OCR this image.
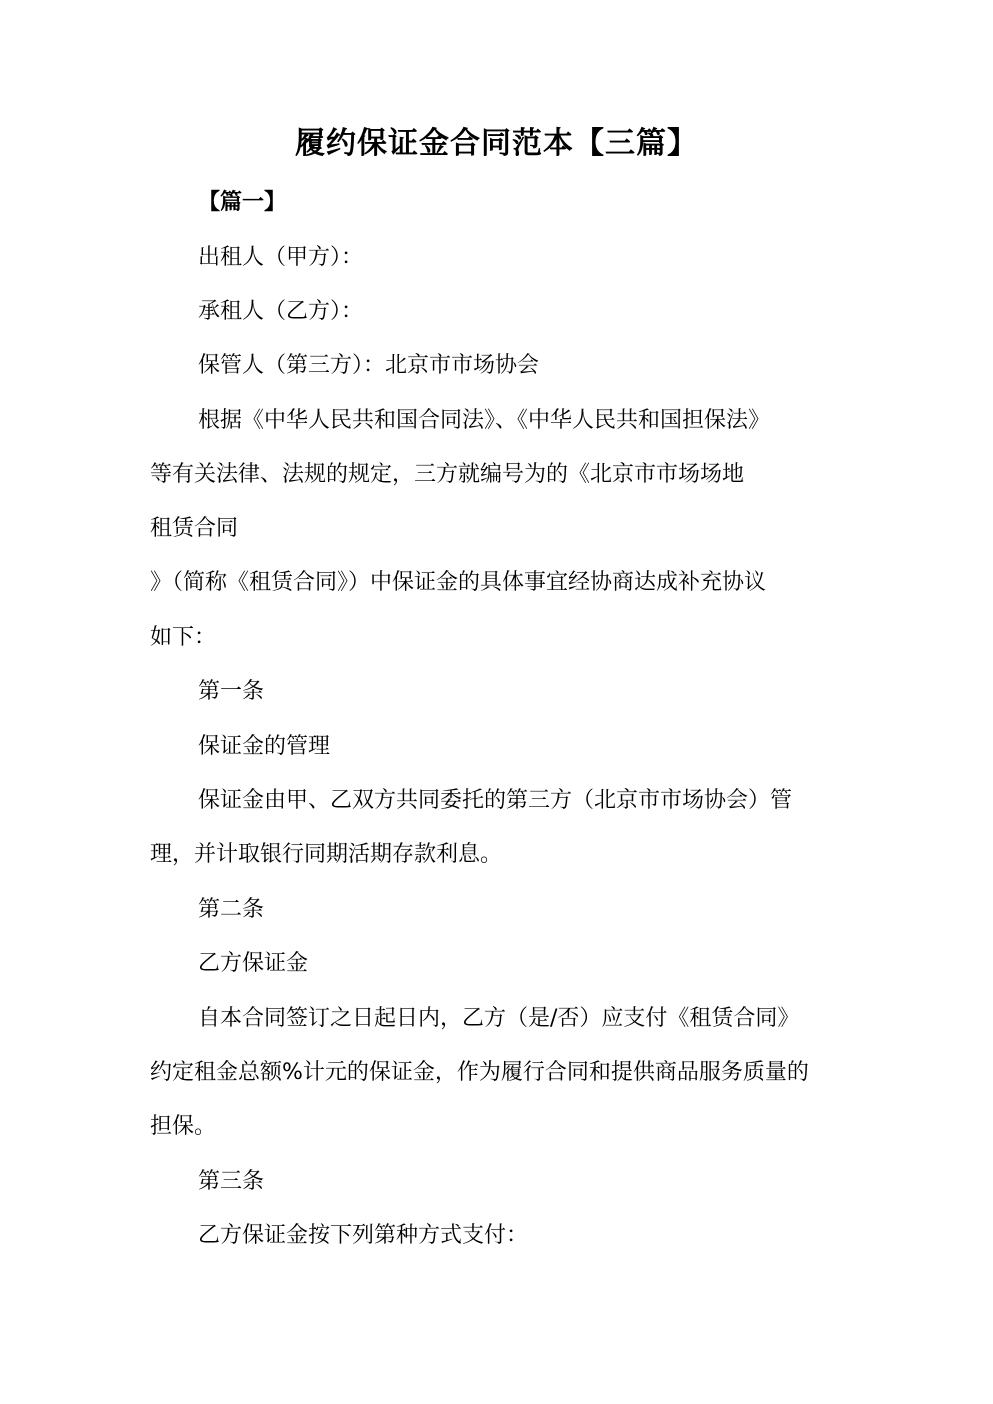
履约保证金合同范本【三篇】
【篇一】
出租人（甲方）：
承租人（乙方）：
保管人（第三方）：北京市市场协会
根据《中华人民共和国合同法》、《中华人民共和国担保法》
等有关法律、法规的规定，三方就编号为的《北京市市场场地
租赁合同
》（简称《租赁合同》）中保证金的具体事宜经协商达成补充协议
如下：
第一条
保证金的管理
保证金由甲、乙双方共同委托的第三方（北京市市场协会）管
理，并计取银行同期活期存款利息。
第二条
乙方保证金
自本合同签订之日起日内，乙方（是/否）应支付《租赁合同》
约定租金总额%计元的保证金，作为履行合同和提供商品服务质量的
担保。
第三条
乙方保证金按下列第种方式支付：
